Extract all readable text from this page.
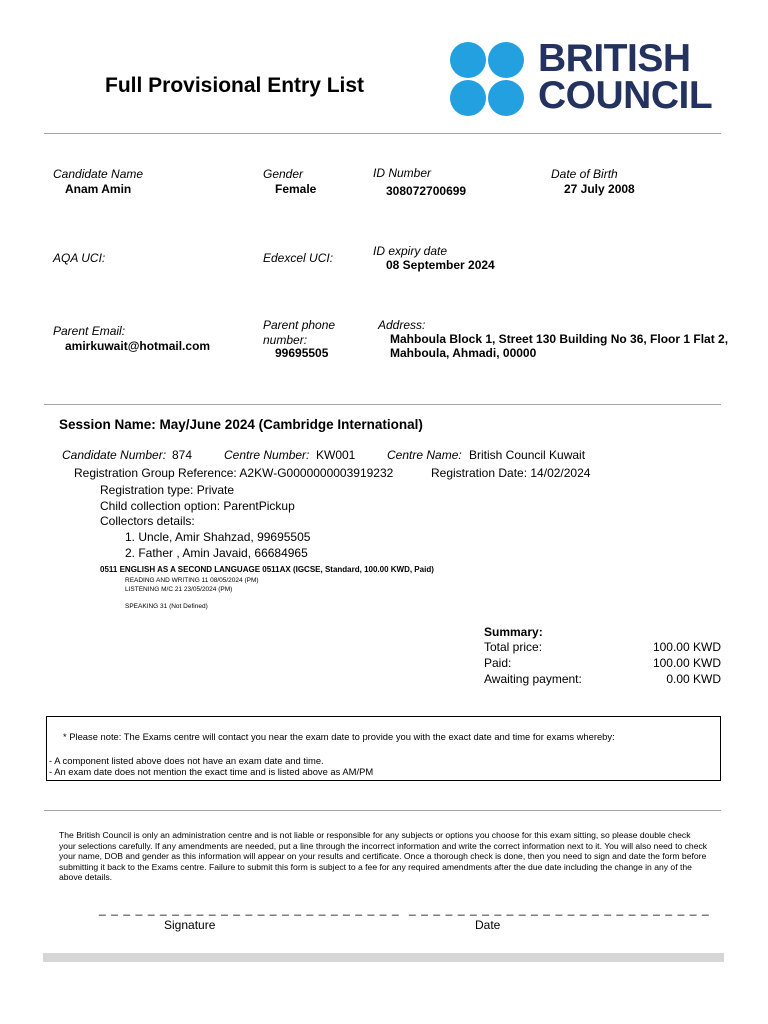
Full Provisional Entry List
BRITISH
COUNCIL
Candidate Name
Anam Amin
Gender
Female
ID Number
308072700699
Date of Birth
27 July 2008
AQA UCI:	Edexcel UCI:	ID expiry date
08 September 2024
Parent Email:
amirkuwait@hotmail.com
Parent phone
number:
99695505
Address:
Mahboula Block 1, Street 130 Building No 36, Floor 1 Flat 2,
Mahboula, Ahmadi, 00000
Session Name: May/June 2024 (Cambridge International)
Candidate Number: 874	Centre Number: KW001	Centre Name: British Council Kuwait
Registration Group Reference: A2KW-G0000000003919232	Registration Date: 14/02/2024
Registration type: Private
Child collection option: ParentPickup
Collectors details:
1. Uncle, Amir Shahzad, 99695505
2. Father , Amin Javaid, 66684965
0511 ENGLISH AS A SECOND LANGUAGE 0511AX (IGCSE, Standard, 100.00 KWD, Paid)
READING AND WRITING 11 08/05/2024 (PM)
LISTENING M/C 21 23/05/2024 (PM)
SPEAKING 31 (Not Defined)
Summary:
Total price:	100.00 KWD
Paid:	100.00 KWD
Awaiting payment:	0.00 KWD
* Please note: The Exams centre will contact you near the exam date to provide you with the exact date and time for exams whereby:
- A component listed above does not have an exam date and time.
- An exam date does not mention the exact time and is listed above as AM/PM
The British Council is only an administration centre and is not liable or responsible for any subjects or options you choose for this exam sitting, so please double check your selections carefully. If any amendments are needed, put a line through the incorrect information and write the correct information next to it. You will also need to check your name, DOB and gender as this information will appear on your results and certificate. Once a thorough check is done, then you need to sign and date the form before submitting it back to the Exams centre. Failure to submit this form is subject to a fee for any required amendments after the due date including the change in any of the above details.
_ _ _ _ _ _ _ _ _ _ _ _ _ _ _ _ _ _ _ _ _ _ _ _ _
Signature
_ _ _ _ _ _ _ _ _ _ _ _ _ _ _ _ _ _ _ _ _ _ _ _ _
Date
